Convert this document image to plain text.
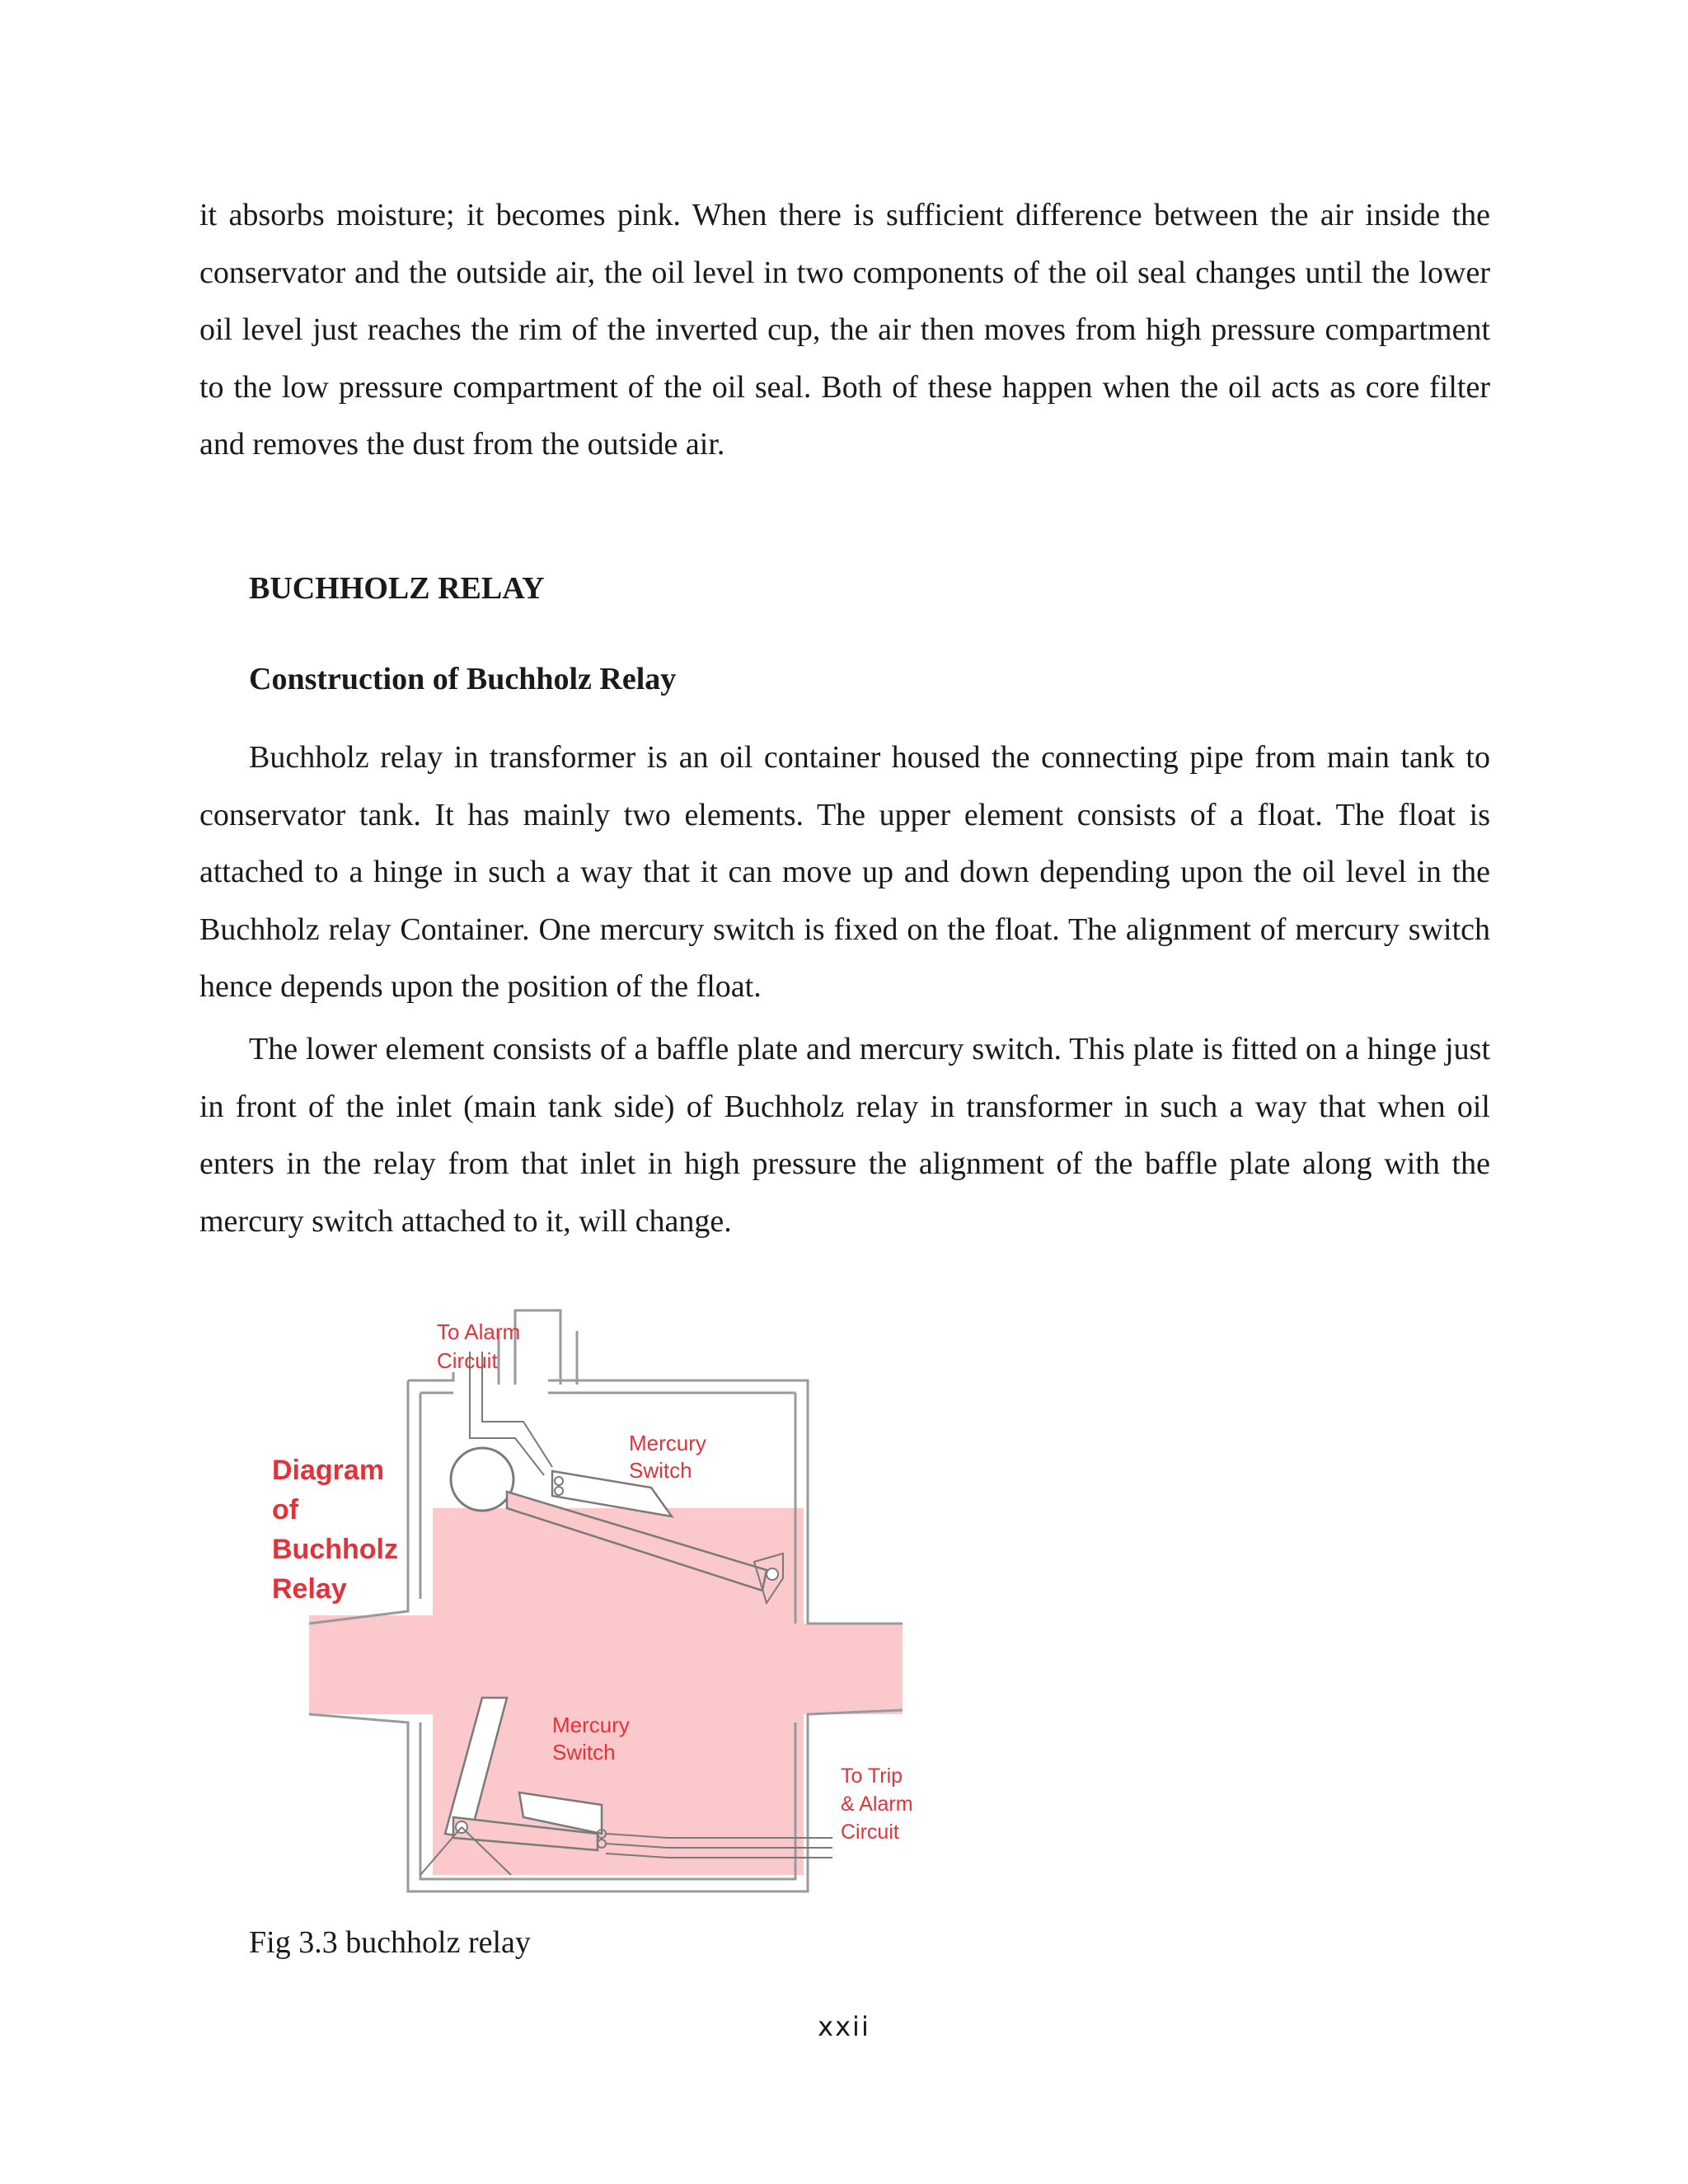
it absorbs moisture; it becomes pink. When there is sufficient difference between the air inside the conservator and the outside air, the oil level in two components of the oil seal changes until the lower oil level just reaches the rim of the inverted cup, the air then moves from high pressure compartment to the low pressure compartment of the oil seal. Both of these happen when the oil acts as core filter and removes the dust from the outside air.

BUCHHOLZ RELAY

Construction of Buchholz Relay

Buchholz relay in transformer is an oil container housed the connecting pipe from main tank to conservator tank. It has mainly two elements. The upper element consists of a float. The float is attached to a hinge in such a way that it can move up and down depending upon the oil level in the Buchholz relay Container. One mercury switch is fixed on the float. The alignment of mercury switch hence depends upon the position of the float.

The lower element consists of a baffle plate and mercury switch. This plate is fitted on a hinge just in front of the inlet (main tank side) of Buchholz relay in transformer in such a way that when oil enters in the relay from that inlet in high pressure the alignment of the baffle plate along with the mercury switch attached to it, will change.

Diagram
of
Buchholz
Relay
To Alarm
Circuit
Mercury
Switch
Mercury
Switch
To Trip
& Alarm
Circuit

Fig 3.3 buchholz relay

xxii
